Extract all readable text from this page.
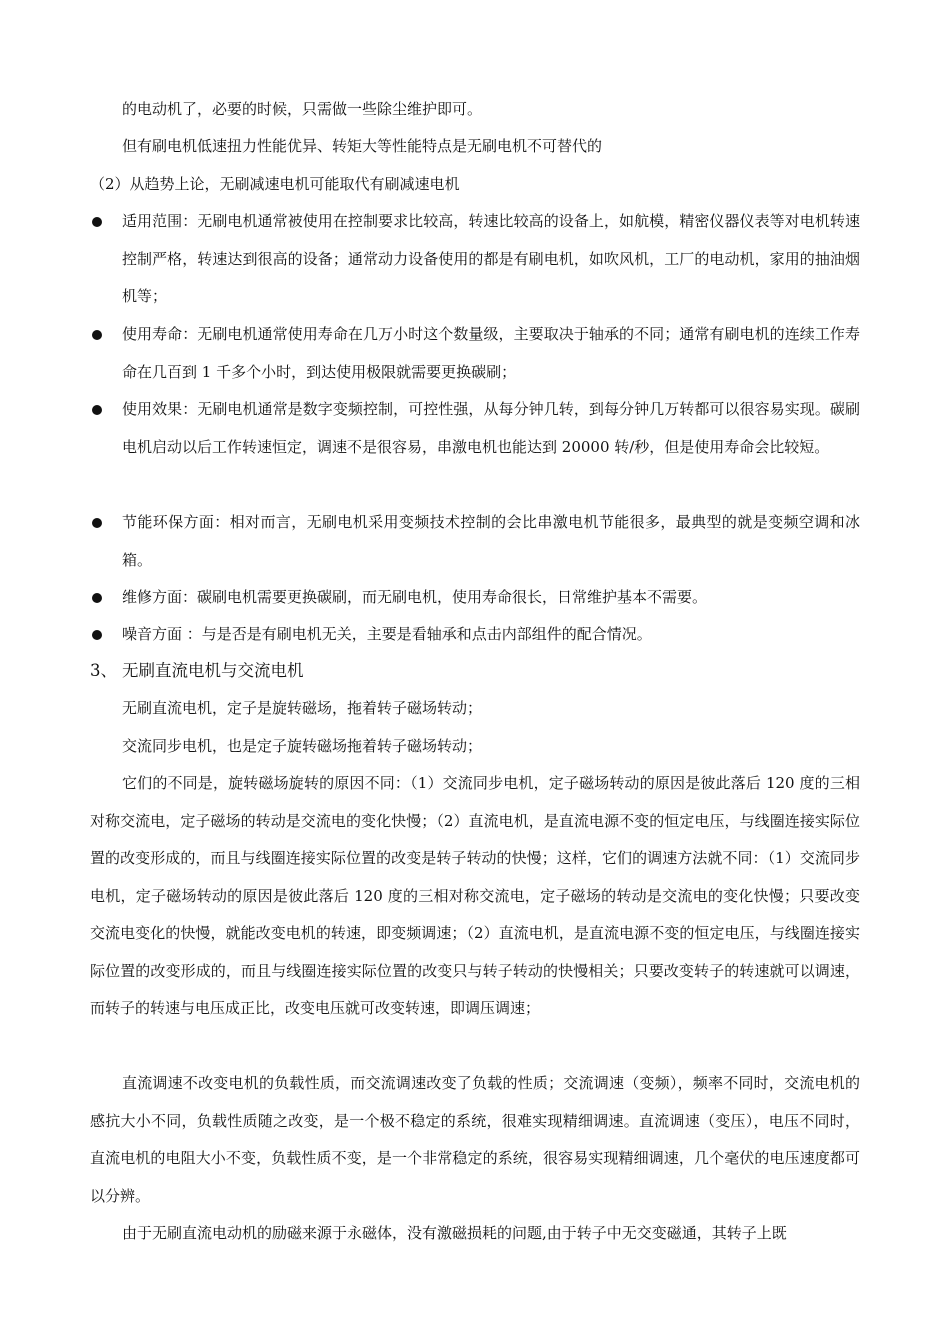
的电动机了，必要的时候，只需做一些除尘维护即可。
但有刷电机低速扭力性能优异、转矩大等性能特点是无刷电机不可替代的
（2）从趋势上论，无刷减速电机可能取代有刷减速电机
适用范围：无刷电机通常被使用在控制要求比较高，转速比较高的设备上，如航模，精密仪器仪表等对电机转速控制严格，转速达到很高的设备；通常动力设备使用的都是有刷电机，如吹风机，工厂的电动机，家用的抽油烟机等；
使用寿命：无刷电机通常使用寿命在几万小时这个数量级，主要取决于轴承的不同；通常有刷电机的连续工作寿命在几百到 1 千多个小时，到达使用极限就需要更换碳刷；
使用效果：无刷电机通常是数字变频控制，可控性强，从每分钟几转，到每分钟几万转都可以很容易实现。碳刷电机启动以后工作转速恒定，调速不是很容易，串激电机也能达到 20000 转/秒，但是使用寿命会比较短。
节能环保方面：相对而言，无刷电机采用变频技术控制的会比串激电机节能很多，最典型的就是变频空调和冰箱。
维修方面：碳刷电机需要更换碳刷，而无刷电机，使用寿命很长，日常维护基本不需要。
噪音方面 ：与是否是有刷电机无关，主要是看轴承和点击内部组件的配合情况。
3、 无刷直流电机与交流电机
无刷直流电机，定子是旋转磁场，拖着转子磁场转动；
交流同步电机，也是定子旋转磁场拖着转子磁场转动；
它们的不同是，旋转磁场旋转的原因不同：（1）交流同步电机，定子磁场转动的原因是彼此落后 120 度的三相对称交流电，定子磁场的转动是交流电的变化快慢；（2）直流电机，是直流电源不变的恒定电压，与线圈连接实际位置的改变形成的，而且与线圈连接实际位置的改变是转子转动的快慢；这样，它们的调速方法就不同：（1）交流同步电机，定子磁场转动的原因是彼此落后 120 度的三相对称交流电，定子磁场的转动是交流电的变化快慢；只要改变交流电变化的快慢，就能改变电机的转速，即变频调速；（2）直流电机，是直流电源不变的恒定电压，与线圈连接实际位置的改变形成的，而且与线圈连接实际位置的改变只与转子转动的快慢相关；只要改变转子的转速就可以调速，而转子的转速与电压成正比，改变电压就可改变转速，即调压调速；
直流调速不改变电机的负载性质，而交流调速改变了负载的性质；交流调速（变频），频率不同时，交流电机的感抗大小不同，负载性质随之改变，是一个极不稳定的系统，很难实现精细调速。直流调速（变压），电压不同时，直流电机的电阻大小不变，负载性质不变，是一个非常稳定的系统，很容易实现精细调速，几个毫伏的电压速度都可以分辨。
由于无刷直流电动机的励磁来源于永磁体，没有激磁损耗的问题,由于转子中无交变磁通，其转子上既
